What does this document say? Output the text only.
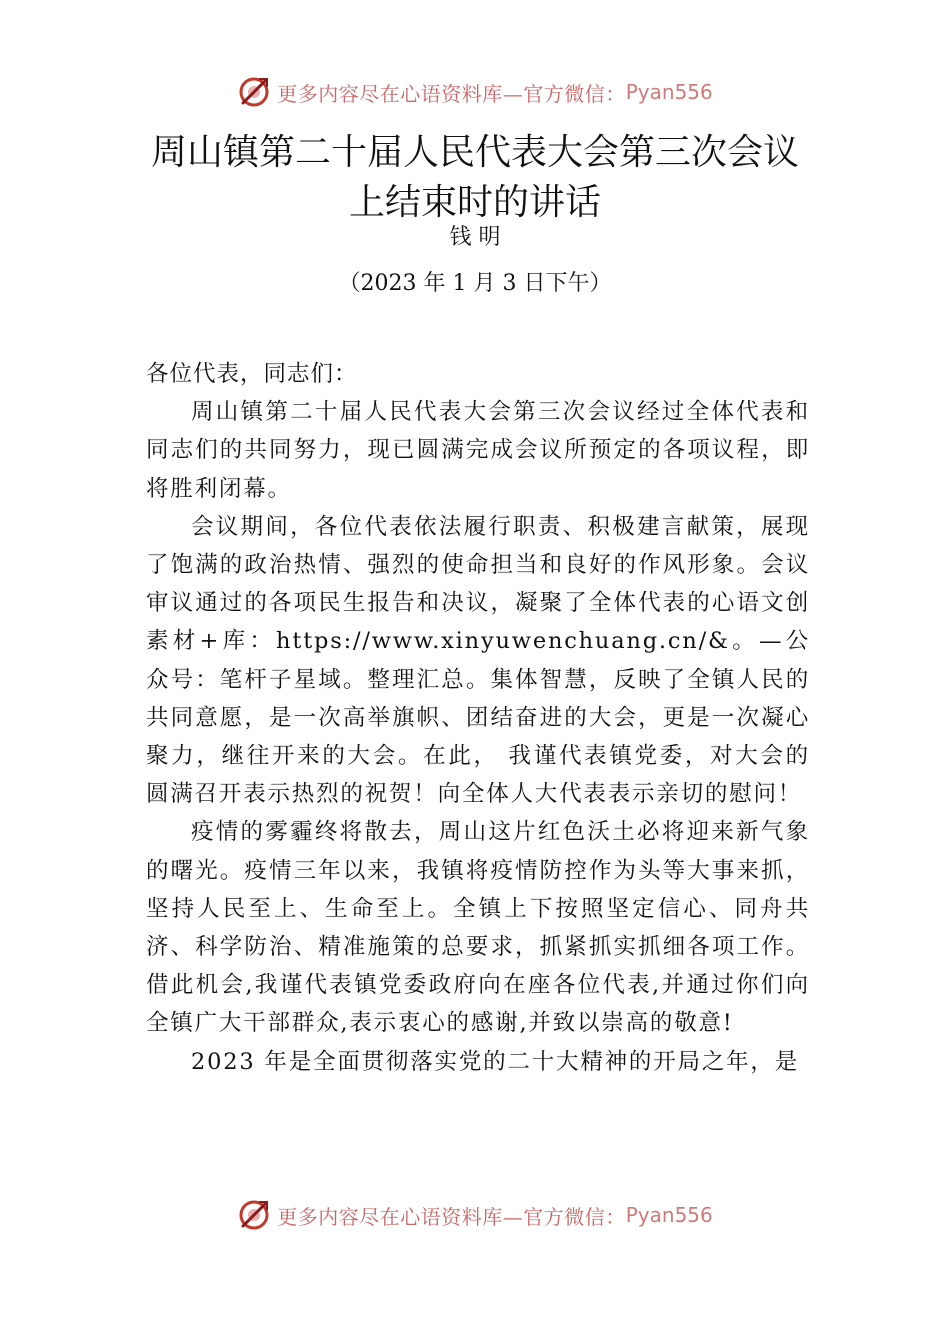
更多内容尽在心语资料库—官方微信： Pyan556
周山镇第二十届人民代表大会第三次会议
上结束时的讲话
钱 明
（2023 年 1 月 3 日下午）

各位代表，同志们：

周山镇第二十届人民代表大会第三次会议经过全体代表和同志们的共同努力，现已圆满完成会议所预定的各项议程，即将胜利闭幕。

会议期间，各位代表依法履行职责、积极建言献策，展现了饱满的政治热情、强烈的使命担当和良好的作风形象。会议审议通过的各项民生报告和决议，凝聚了全体代表的心语文创素材+库：https://www.xinyuwenchuang.cn/&。—公众号：笔杆子星域。整理汇总。集体智慧，反映了全镇人民的共同意愿，是一次高举旗帜、团结奋进的大会，更是一次凝心聚力，继往开来的大会。在此， 我谨代表镇党委，对大会的圆满召开表示热烈的祝贺！向全体人大代表表示亲切的慰问！

疫情的雾霾终将散去，周山这片红色沃土必将迎来新气象的曙光。疫情三年以来，我镇将疫情防控作为头等大事来抓，坚持人民至上、生命至上。全镇上下按照坚定信心、同舟共济、科学防治、精准施策的总要求，抓紧抓实抓细各项工作。借此机会,我谨代表镇党委政府向在座各位代表,并通过你们向全镇广大干部群众,表示衷心的感谢,并致以崇高的敬意!

2023 年是全面贯彻落实党的二十大精神的开局之年，是

更多内容尽在心语资料库—官方微信： Pyan556
